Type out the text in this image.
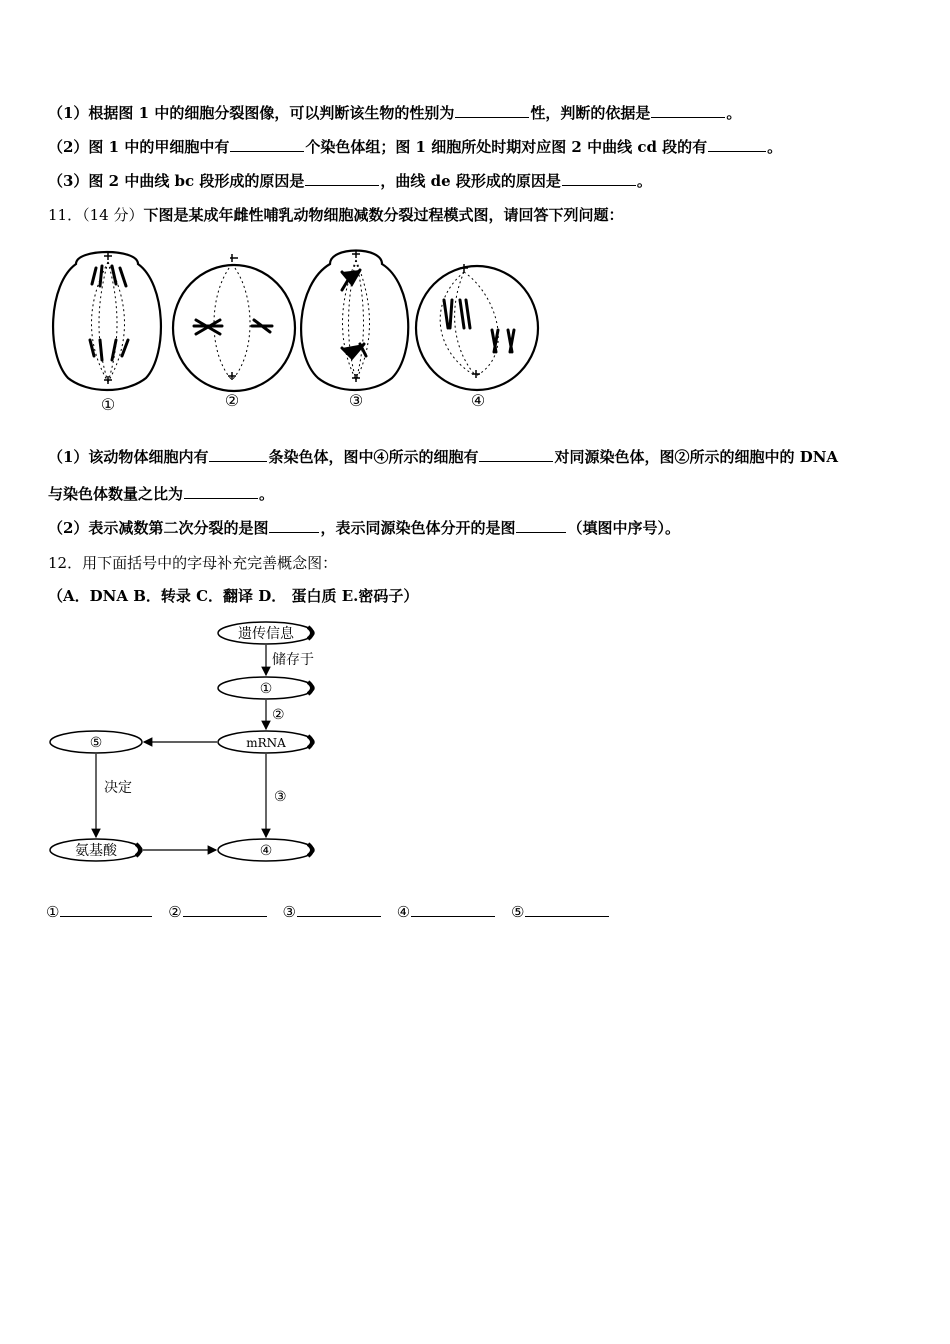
（1）根据图 1 中的细胞分裂图像，可以判断该生物的性别为	性，判断的依据是	。
（2）图 1 中的甲细胞中有	个染色体组；图 1 细胞所处时期对应图 2 中曲线 cd 段的有	。
（3）图 2 中曲线 bc 段形成的原因是	，曲线 de 段形成的原因是	。
11．（14 分）下图是某成年雌性哺乳动物细胞减数分裂过程模式图，请回答下列问题：
①	②	③	④
（1）该动物体细胞内有	条染色体，图中④所示的细胞有	对同源染色体，图②所示的细胞中的 DNA
与染色体数量之比为	。
（2）表示减数第二次分裂的是图	，表示同源染色体分开的是图	（填图中序号）。
12．用下面括号中的字母补充完善概念图：
（A．DNA B．转录 C．翻译 D． 蛋白质 E.密码子）
遗传信息
储存于
①
②
mRNA
⑤
③
决定
氨基酸	④
①	②	③	④	⑤
